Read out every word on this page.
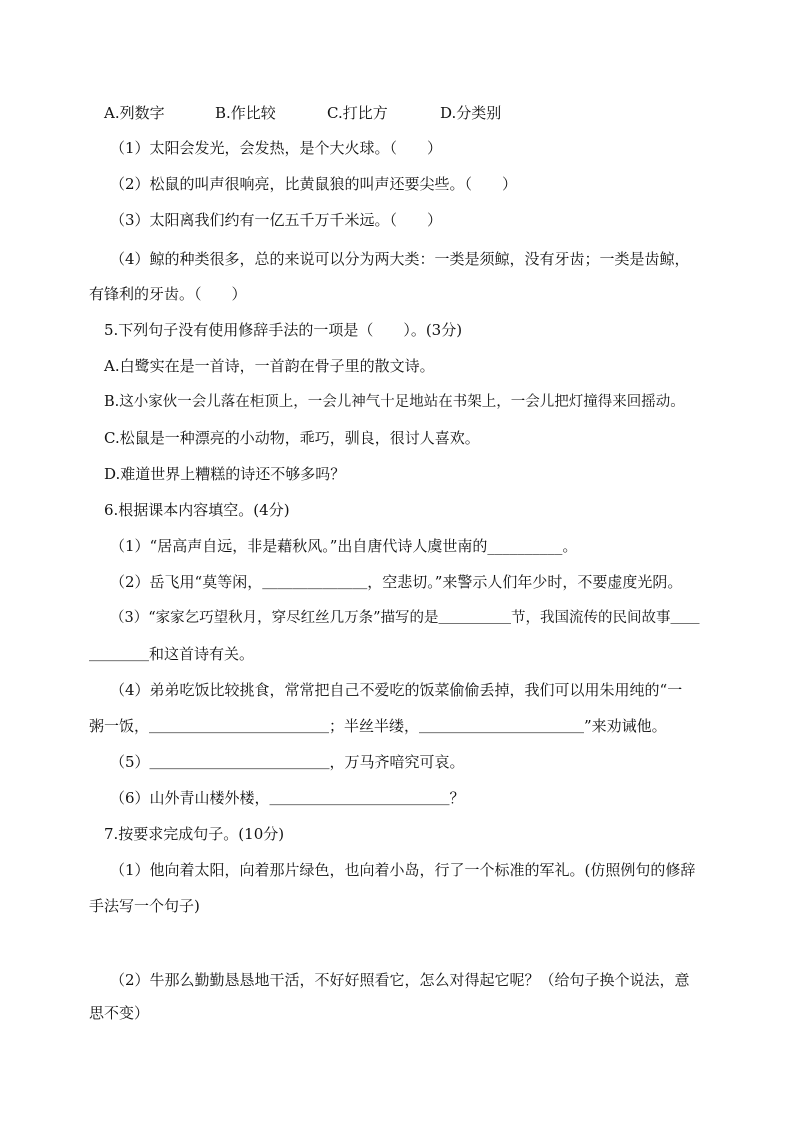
A.列数字	B.作比较	C.打比方	D.分类别
（1）太阳会发光，会发热，是个大火球。（　　）
（2）松鼠的叫声很响亮，比黄鼠狼的叫声还要尖些。（　　）
（3）太阳离我们约有一亿五千万千米远。（　　）
（4）鲸的种类很多，总的来说可以分为两大类：一类是须鲸，没有牙齿；一类是齿鲸，
有锋利的牙齿。（　　）
5.下列句子没有使用修辞手法的一项是（　　）。(3分)
A.白鹭实在是一首诗，一首韵在骨子里的散文诗。
B.这小家伙一会儿落在柜顶上，一会儿神气十足地站在书架上，一会儿把灯撞得来回摇动。
C.松鼠是一种漂亮的小动物，乖巧，驯良，很讨人喜欢。
D.难道世界上糟糕的诗还不够多吗？
6.根据课本内容填空。(4分)
（1）“居高声自远，非是藉秋风。”出自唐代诗人虞世南的__________。
（2）岳飞用“莫等闲，＿＿＿＿＿＿＿，空悲切。”来警示人们年少时，不要虚度光阴。
（3）“家家乞巧望秋月，穿尽红丝几万条”描写的是＿＿＿＿＿节，我国流传的民间故事＿＿
＿＿＿＿和这首诗有关。
（4）弟弟吃饭比较挑食，常常把自己不爱吃的饭菜偷偷丢掉，我们可以用朱用纯的“一
粥一饭，＿＿＿＿＿＿＿＿＿＿＿＿；半丝半缕，＿＿＿＿＿＿＿＿＿＿＿”来劝诫他。
（5）＿＿＿＿＿＿＿＿＿＿＿＿，万马齐喑究可哀。
（6）山外青山楼外楼，＿＿＿＿＿＿＿＿＿＿＿＿？
7.按要求完成句子。(10分)
（1）他向着太阳，向着那片绿色，也向着小岛，行了一个标准的军礼。(仿照例句的修辞
手法写一个句子)
（2）牛那么勤勤恳恳地干活，不好好照看它，怎么对得起它呢？（给句子换个说法，意
思不变）
